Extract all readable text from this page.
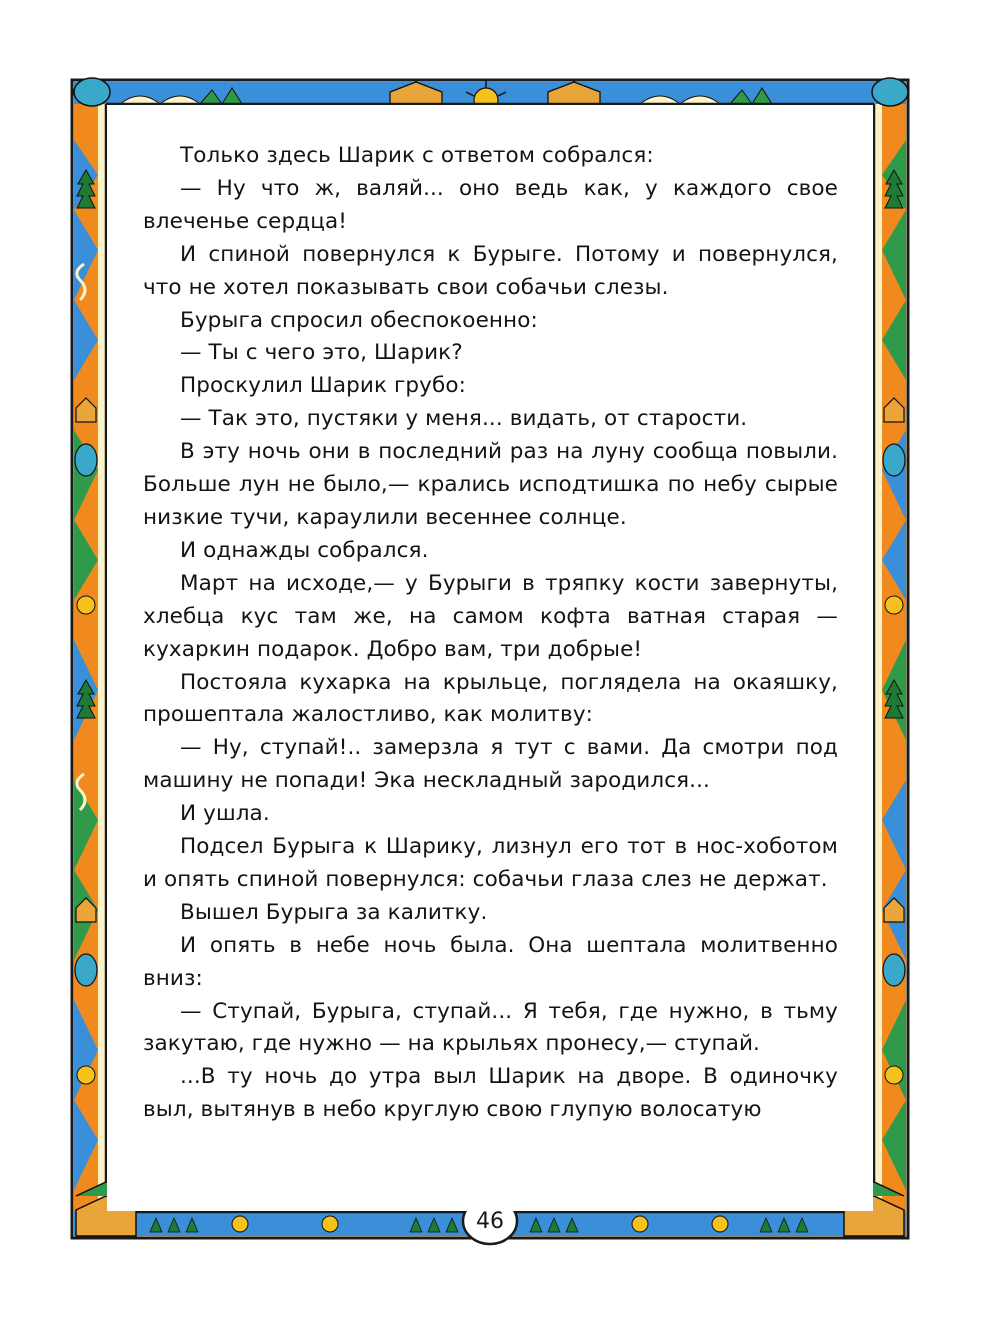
Только здесь Шарик с ответом собрался:

— Ну что ж, валяй... оно ведь как, у каждого свое влеченье сердца!

И спиной повернулся к Бурыге. Потому и повернулся, что не хотел показывать свои собачьи слезы.

Бурыга спросил обеспокоенно:

— Ты с чего это, Шарик?

Проскулил Шарик грубо:

— Так это, пустяки у меня... видать, от старости.

В эту ночь они в последний раз на луну сообща повыли. Больше лун не было,— крались исподтишка по небу сырые низкие тучи, караулили весеннее солнце.

И однажды собрался.

Март на исходе,— у Бурыги в тряпку кости завернуты, хлебца кус там же, на самом кофта ватная старая — кухаркин подарок. Добро вам, три добрые!

Постояла кухарка на крыльце, поглядела на окаяшку, прошептала жалостливо, как молитву:

— Ну, ступай!.. замерзла я тут с вами. Да смотри под машину не попади! Эка нескладный зародился...

И ушла.

Подсел Бурыга к Шарику, лизнул его тот в нос-хоботом и опять спиной повернулся: собачьи глаза слез не держат.

Вышел Бурыга за калитку.

И опять в небе ночь была. Она шептала молитвенно вниз:

— Ступай, Бурыга, ступай... Я тебя, где нужно, в тьму закутаю, где нужно — на крыльях пронесу,— ступай.

...В ту ночь до утра выл Шарик на дворе. В одиночку выл, вытянув в небо круглую свою глупую волосатую

46
